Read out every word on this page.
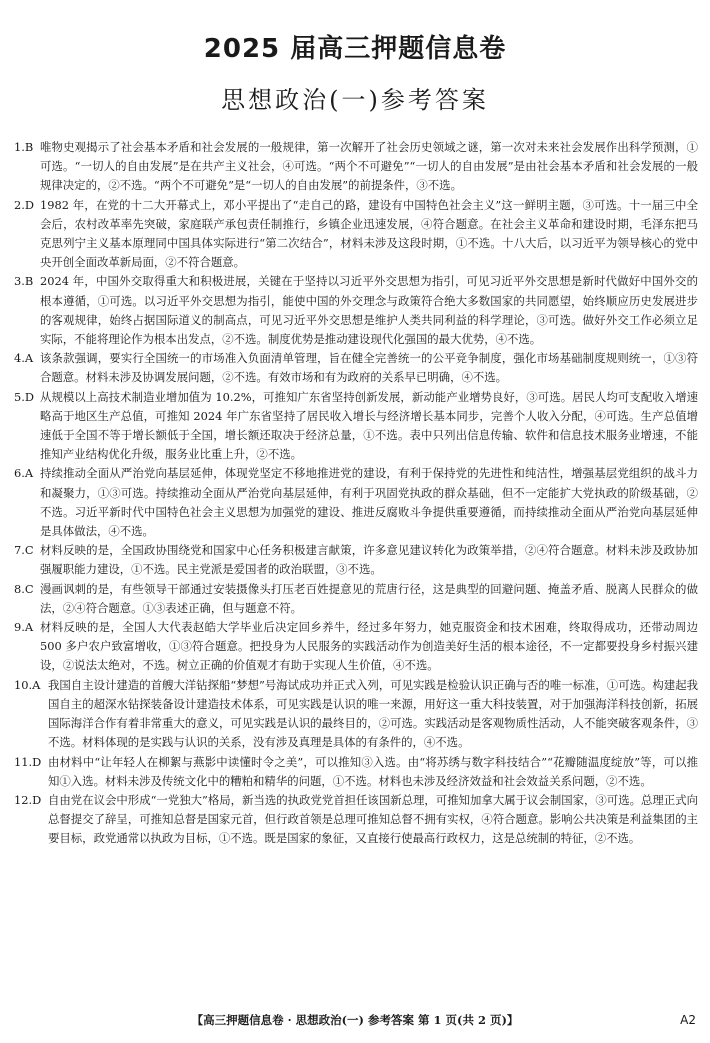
2025 届高三押题信息卷
思想政治(一)参考答案
1.B 唯物史观揭示了社会基本矛盾和社会发展的一般规律，第一次解开了社会历史领域之谜，第一次对未来社会发展作出科学预测，①可选。“一切人的自由发展”是在共产主义社会，④可选。“两个不可避免”“一切人的自由发展”是由社会基本矛盾和社会发展的一般规律决定的，②不选。“两个不可避免”是“一切人的自由发展”的前提条件，③不选。
2.D 1982 年，在党的十二大开幕式上，邓小平提出了“走自己的路，建设有中国特色社会主义”这一鲜明主题，③可选。十一届三中全会后，农村改革率先突破，家庭联产承包责任制推行，乡镇企业迅速发展，④符合题意。在社会主义革命和建设时期，毛泽东把马克思列宁主义基本原理同中国具体实际进行“第二次结合”，材料未涉及这段时期，①不选。十八大后，以习近平为领导核心的党中央开创全面改革新局面，②不符合题意。
3.B 2024 年，中国外交取得重大和积极进展，关键在于坚持以习近平外交思想为指引，可见习近平外交思想是新时代做好中国外交的根本遵循，①可选。以习近平外交思想为指引，能使中国的外交理念与政策符合绝大多数国家的共同愿望，始终顺应历史发展进步的客观规律，始终占据国际道义的制高点，可见习近平外交思想是维护人类共同利益的科学理论，③可选。做好外交工作必须立足实际，不能将理论作为根本出发点，②不选。制度优势是推动建设现代化强国的最大优势，④不选。
4.A 该条款强调，要实行全国统一的市场准入负面清单管理，旨在健全完善统一的公平竞争制度，强化市场基础制度规则统一，①③符合题意。材料未涉及协调发展问题，②不选。有效市场和有为政府的关系早已明确，④不选。
5.D 从规模以上高技术制造业增加值为 10.2%，可推知广东省坚持创新发展，新动能产业增势良好，③可选。居民人均可支配收入增速略高于地区生产总值，可推知 2024 年广东省坚持了居民收入增长与经济增长基本同步，完善个人收入分配，④可选。生产总值增速低于全国不等于增长额低于全国，增长额还取决于经济总量，①不选。表中只列出信息传输、软件和信息技术服务业增速，不能推知产业结构优化升级，服务业比重上升，②不选。
6.A 持续推动全面从严治党向基层延伸，体现党坚定不移地推进党的建设，有利于保持党的先进性和纯洁性，增强基层党组织的战斗力和凝聚力，①③可选。持续推动全面从严治党向基层延伸，有利于巩固党执政的群众基础，但不一定能扩大党执政的阶级基础，②不选。习近平新时代中国特色社会主义思想为加强党的建设、推进反腐败斗争提供重要遵循，而持续推动全面从严治党向基层延伸是具体做法，④不选。
7.C 材料反映的是，全国政协围绕党和国家中心任务积极建言献策，许多意见建议转化为政策举措，②④符合题意。材料未涉及政协加强履职能力建设，①不选。民主党派是爱国者的政治联盟，③不选。
8.C 漫画讽刺的是，有些领导干部通过安装摄像头打压老百姓提意见的荒唐行径，这是典型的回避问题、掩盖矛盾、脱离人民群众的做法，②④符合题意。①③表述正确，但与题意不符。
9.A 材料反映的是，全国人大代表赵皓大学毕业后决定回乡养牛，经过多年努力，她克服资金和技术困难，终取得成功，还带动周边 500 多户农户致富增收，①③符合题意。把投身为人民服务的实践活动作为创造美好生活的根本途径，不一定都要投身乡村振兴建设，②说法太绝对，不选。树立正确的价值观才有助于实现人生价值，④不选。
10.A 我国自主设计建造的首艘大洋钻探船“梦想”号海试成功并正式入列，可见实践是检验认识正确与否的唯一标准，①可选。构建起我国自主的超深水钻探装备设计建造技术体系，可见实践是认识的唯一来源，用好这一重大科技装置，对于加强海洋科技创新，拓展国际海洋合作有着非常重大的意义，可见实践是认识的最终目的，②可选。实践活动是客观物质性活动，人不能突破客观条件，③不选。材料体现的是实践与认识的关系，没有涉及真理是具体的有条件的，④不选。
11.D 由材料中“让年轻人在柳絮与燕影中读懂时令之美”，可以推知③入选。由“将苏绣与数字科技结合”“花瓣随温度绽放”等，可以推知①入选。材料未涉及传统文化中的糟粕和精华的问题，①不选。材料也未涉及经济效益和社会效益关系问题，②不选。
12.D 自由党在议会中形成“一党独大”格局，新当选的执政党党首担任该国新总理，可推知加拿大属于议会制国家，③可选。总理正式向总督提交了辞呈，可推知总督是国家元首，但行政首领是总理可推知总督不拥有实权，④符合题意。影响公共决策是利益集团的主要目标，政党通常以执政为目标，①不选。既是国家的象征，又直接行使最高行政权力，这是总统制的特征，②不选。
【高三押题信息卷 · 思想政治(一) 参考答案 第 1 页(共 2 页)】	A2
